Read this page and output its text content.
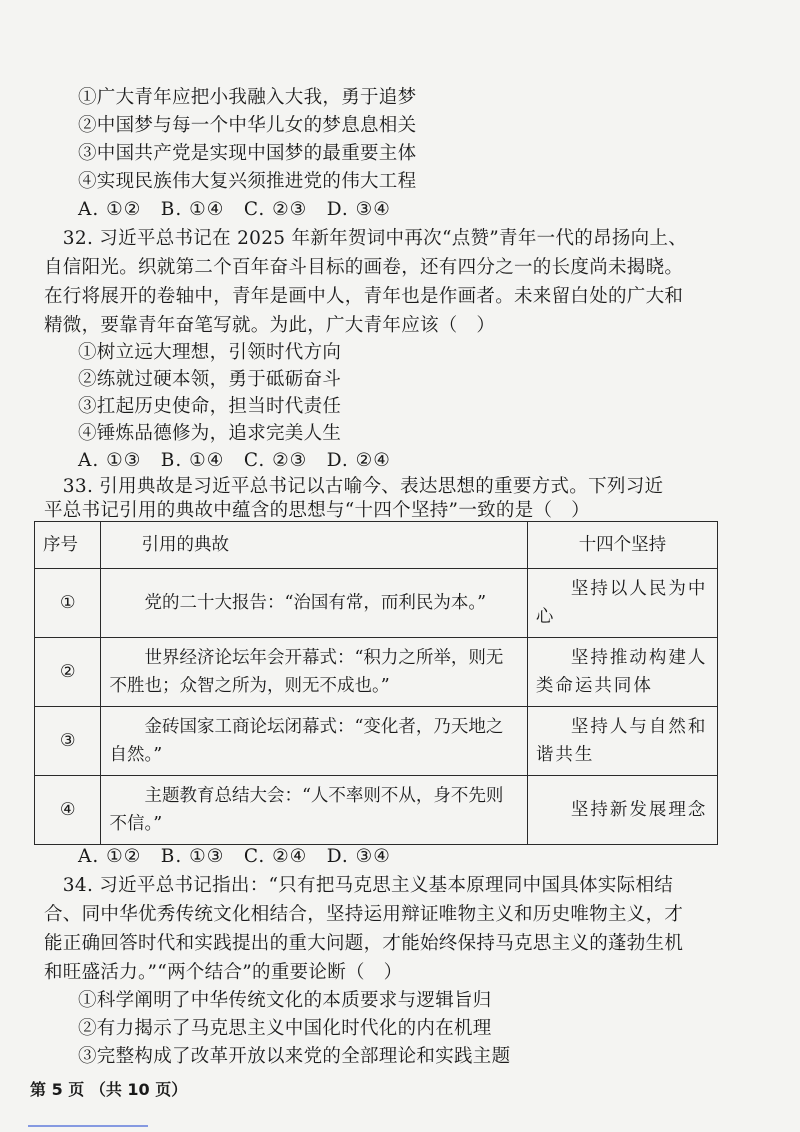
①广大青年应把小我融入大我，勇于追梦
②中国梦与每一个中华儿女的梦息息相关
③中国共产党是实现中国梦的最重要主体
④实现民族伟大复兴须推进党的伟大工程
A. ①②　B. ①④　C. ②③　D. ③④
　32. 习近平总书记在 2025 年新年贺词中再次“点赞”青年一代的昂扬向上、
自信阳光。织就第二个百年奋斗目标的画卷，还有四分之一的长度尚未揭晓。
在行将展开的卷轴中，青年是画中人，青年也是作画者。未来留白处的广大和
精微，要靠青年奋笔写就。为此，广大青年应该（　）
①树立远大理想，引领时代方向
②练就过硬本领，勇于砥砺奋斗
③扛起历史使命，担当时代责任
④锤炼品德修为，追求完美人生
A. ①③　B. ①④　C. ②③　D. ②④
　33. 引用典故是习近平总书记以古喻今、表达思想的重要方式。下列习近
平总书记引用的典故中蕴含的思想与“十四个坚持”一致的是（　）
序号	引用的典故	十四个坚持
①	党的二十大报告：“治国有常，而利民为本。”	坚持以人民为中心
②	世界经济论坛年会开幕式：“积力之所举，则无不胜也；众智之所为，则无不成也。”	坚持推动构建人类命运共同体
③	金砖国家工商论坛闭幕式：“变化者，乃天地之自然。”	坚持人与自然和谐共生
④	主题教育总结大会：“人不率则不从，身不先则不信。”	坚持新发展理念
A. ①②　B. ①③　C. ②④　D. ③④
　34. 习近平总书记指出：“只有把马克思主义基本原理同中国具体实际相结
合、同中华优秀传统文化相结合，坚持运用辩证唯物主义和历史唯物主义，才
能正确回答时代和实践提出的重大问题，才能始终保持马克思主义的蓬勃生机
和旺盛活力。”“两个结合”的重要论断（　）
①科学阐明了中华传统文化的本质要求与逻辑旨归
②有力揭示了马克思主义中国化时代化的内在机理
③完整构成了改革开放以来党的全部理论和实践主题
第 5 页 （共 10 页）
